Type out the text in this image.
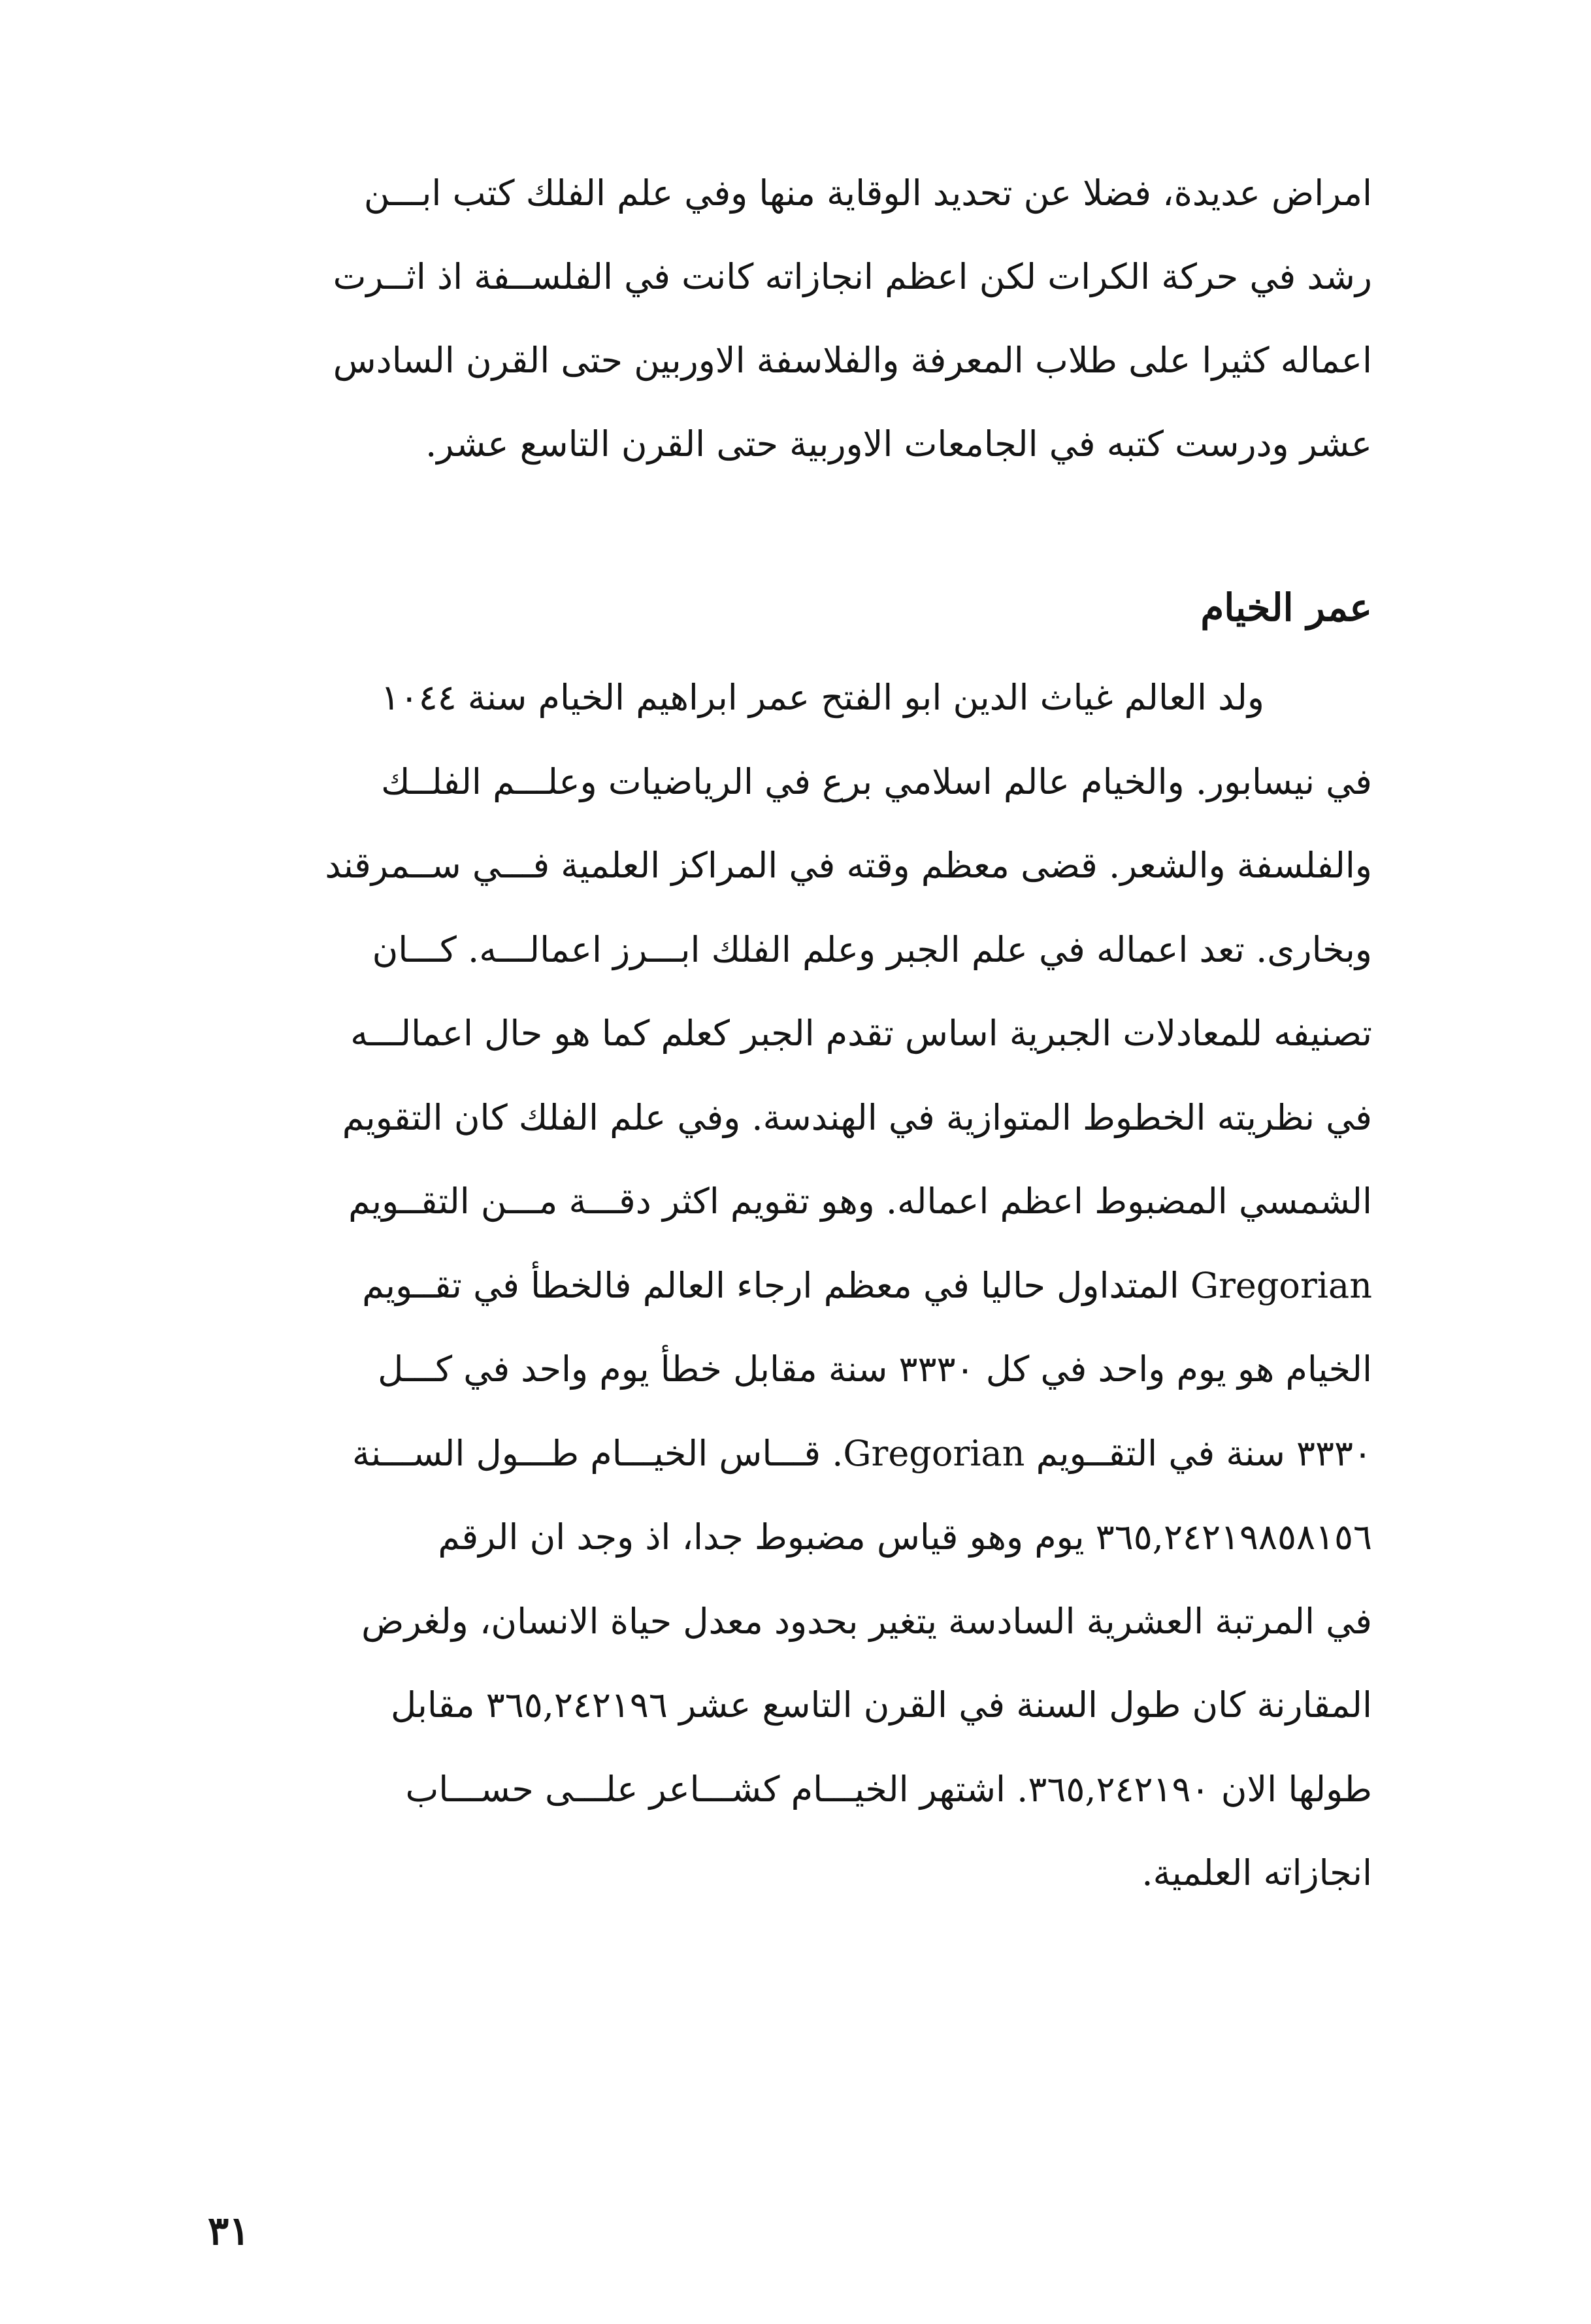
امراض عديدة، فضلا عن تحديد الوقاية منها وفي علم الفلك كتب ابـــن
رشد في حركة الكرات لكن اعظم انجازاته كانت في الفلســفة اذ اثــرت
اعماله كثيرا على طلاب المعرفة والفلاسفة الاوربين حتى القرن السادس
عشر ودرست كتبه في الجامعات الاوربية حتى القرن التاسع عشر.
عمر الخيام
ولد العالم غياث الدين ابو الفتح عمر ابراهيم الخيام سنة ١٠٤٤
في نيسابور. والخيام عالم اسلامي برع في الرياضيات وعلـــم الفلــك
والفلسفة والشعر. قضى معظم وقته في المراكز العلمية فـــي ســمرقند
وبخارى. تعد اعماله في علم الجبر وعلم الفلك ابـــرز اعمالـــه. كـــان
تصنيفه للمعادلات الجبرية اساس تقدم الجبر كعلم كما هو حال اعمالـــه
في نظريته الخطوط المتوازية في الهندسة. وفي علم الفلك كان التقويم
الشمسي المضبوط اعظم اعماله. وهو تقويم اكثر دقـــة مـــن التقــويم
Gregorian المتداول حاليا في معظم ارجاء العالم فالخطأ في تقــويم
الخيام هو يوم واحد في كل ٣٣٣٠ سنة مقابل خطأ يوم واحد في كـــل
٣٣٣٠ سنة في التقــويم Gregorian. قـــاس الخيـــام طـــول الســـنة
٣٦٥,٢٤٢١٩٨٥٨١٥٦ يوم وهو قياس مضبوط جدا، اذ وجد ان الرقم
في المرتبة العشرية السادسة يتغير بحدود معدل حياة الانسان، ولغرض
المقارنة كان طول السنة في القرن التاسع عشر ٣٦٥,٢٤٢١٩٦ مقابل
طولها الان ٣٦٥,٢٤٢١٩٠. اشتهر الخيـــام كشـــاعر علـــى حســـاب
انجازاته العلمية.
٣١
